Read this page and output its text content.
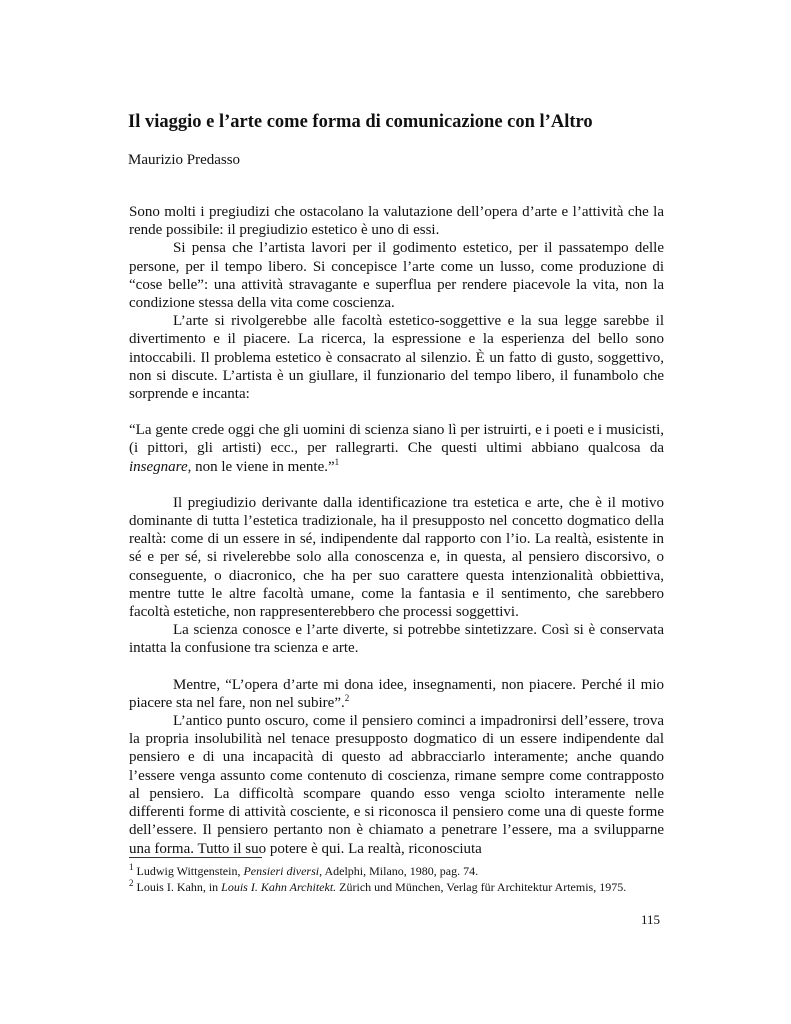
Il viaggio e l’arte come forma di comunicazione con l’Altro

Maurizio Predasso

Sono molti i pregiudizi che ostacolano la valutazione dell’opera d’arte e l’attività che la rende possibile: il pregiudizio estetico è uno di essi.

Si pensa che l’artista lavori per il godimento estetico, per il passatempo delle persone, per il tempo libero. Si concepisce l’arte come un lusso, come produzione di “cose belle”: una attività stravagante e superflua per rendere piacevole la vita, non la condizione stessa della vita come coscienza.

L’arte si rivolgerebbe alle facoltà estetico-soggettive e la sua legge sarebbe il divertimento e il piacere. La ricerca, la espressione e la esperienza del bello sono intoccabili. Il problema estetico è consacrato al silenzio. È un fatto di gusto, soggettivo, non si discute. L’artista è un giullare, il funzionario del tempo libero, il funambolo che sorprende e incanta:

“La gente crede oggi che gli uomini di scienza siano lì per istruirti, e i poeti e i musicisti, (i pittori, gli artisti) ecc., per rallegrarti. Che questi ultimi abbiano qualcosa da insegnare, non le viene in mente.”$^1$

Il pregiudizio derivante dalla identificazione tra estetica e arte, che è il motivo dominante di tutta l’estetica tradizionale, ha il presupposto nel concetto dogmatico della realtà: come di un essere in sé, indipendente dal rapporto con l’io. La realtà, esistente in sé e per sé, si rivelerebbe solo alla conoscenza e, in questa, al pensiero discorsivo, o conseguente, o diacronico, che ha per suo carattere questa intenzionalità obbiettiva, mentre tutte le altre facoltà umane, come la fantasia e il sentimento, che sarebbero facoltà estetiche, non rappresenterebbero che processi soggettivi.

La scienza conosce e l’arte diverte, si potrebbe sintetizzare. Così si è conservata intatta la confusione tra scienza e arte.

Mentre, “L’opera d’arte mi dona idee, insegnamenti, non piacere. Perché il mio piacere sta nel fare, non nel subire”.$^2$

L’antico punto oscuro, come il pensiero cominci a impadronirsi dell’essere, trova la propria insolubilità nel tenace presupposto dogmatico di un essere indipendente dal pensiero e di una incapacità di questo ad abbracciarlo interamente; anche quando l’essere venga assunto come contenuto di coscienza, rimane sempre come contrapposto al pensiero. La difficoltà scompare quando esso venga sciolto interamente nelle differenti forme di attività cosciente, e si riconosca il pensiero come una di queste forme dell’essere. Il pensiero pertanto non è chiamato a penetrare l’essere, ma a svilupparne una forma. Tutto il suo potere è qui. La realtà, riconosciuta

$^1$ Ludwig Wittgenstein, Pensieri diversi, Adelphi, Milano, 1980, pag. 74.
$^2$ Louis I. Kahn, in Louis I. Kahn Architekt. Zürich und München, Verlag für Architektur Artemis, 1975.
115
